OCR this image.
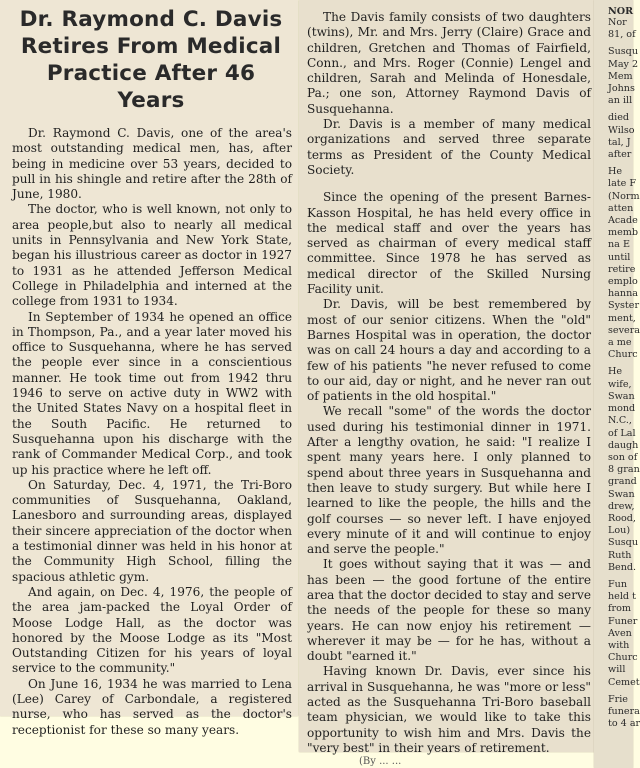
Dr. Raymond C. Davis
Retires From Medical
Practice After 46 Years

Dr. Raymond C. Davis, one of the area's most outstanding medical men, has, after being in medicine over 53 years, decided to pull in his shingle and retire after the 28th of June, 1980.

The doctor, who is well known, not only to area people,but also to nearly all medical units in Pennsylvania and New York State, began his illustrious career as doctor in 1927 to 1931 as he attended Jefferson Medical College in Philadelphia and interned at the college from 1931 to 1934.

In September of 1934 he opened an office in Thompson, Pa., and a year later moved his office to Susquehanna, where he has served the people ever since in a conscientious manner. He took time out from 1942 thru 1946 to serve on active duty in WW2 with the United States Navy on a hospital fleet in the South Pacific. He returned to Susquehanna upon his discharge with the rank of Commander Medical Corp., and took up his practice where he left off.

On Saturday, Dec. 4, 1971, the Tri-Boro communities of Susquehanna, Oakland, Lanesboro and surrounding areas, displayed their sincere appreciation of the doctor when a testimonial dinner was held in his honor at the Community High School, filling the spacious athletic gym.

And again, on Dec. 4, 1976, the people of the area jam-packed the Loyal Order of Moose Lodge Hall, as the doctor was honored by the Moose Lodge as its "Most Outstanding Citizen for his years of loyal service to the community."

On June 16, 1934 he was married to Lena (Lee) Carey of Carbondale, a registered nurse, who has served as the doctor's receptionist for these so many years.

The Davis family consists of two daughters (twins), Mr. and Mrs. Jerry (Claire) Grace and children, Gretchen and Thomas of Fairfield, Conn., and Mrs. Roger (Connie) Lengel and children, Sarah and Melinda of Honesdale, Pa.; one son, Attorney Raymond Davis of Susquehanna.

Dr. Davis is a member of many medical organizations and served three separate terms as President of the County Medical Society.

Since the opening of the present Barnes-Kasson Hospital, he has held every office in the medical staff and over the years has served as chairman of every medical staff committee. Since 1978 he has served as medical director of the Skilled Nursing Facility unit.

Dr. Davis, will be best remembered by most of our senior citizens. When the "old" Barnes Hospital was in operation, the doctor was on call 24 hours a day and according to a few of his patients "he never refused to come to our aid, day or night, and he never ran out of patients in the old hospital."

We recall "some" of the words the doctor used during his testimonial dinner in 1971. After a lengthy ovation, he said: "I realize I spent many years here. I only planned to spend about three years in Susquehanna and then leave to study surgery. But while here I learned to like the people, the hills and the golf courses — so never left. I have enjoyed every minute of it and will continue to enjoy and serve the people."

It goes without saying that it was — and has been — the good fortune of the entire area that the doctor decided to stay and serve the needs of the people for these so many years. He can now enjoy his retirement — wherever it may be — for he has, without a doubt "earned it."

Having known Dr. Davis, ever since his arrival in Susquehanna, he was "more or less" acted as the Susquehanna Tri-Boro baseball team physician, we would like to take this opportunity to wish him and Mrs. Davis the "very best" in their years of retirement.

(By ... ...
NOR
Nor
81, of
Susqu
May 2
Mem
Johns
an ill
died
Wilso
tal, J
after
He
late F
(Norm
atten
Acade
memb
na E
until
retire
emplo
hanna
Syster
ment,
severa
a me
Churc
He
wife,
Swan
mond
N.C.,
of Lal
daugh
son of
8 gran
grand
Swan
drew,
Rood,
Lou)
Susqu
Ruth
Bend.
Fun
held t
from
Funer
Aven
with
Churc
will
Cemet
Frie
funera
to 4 ar
